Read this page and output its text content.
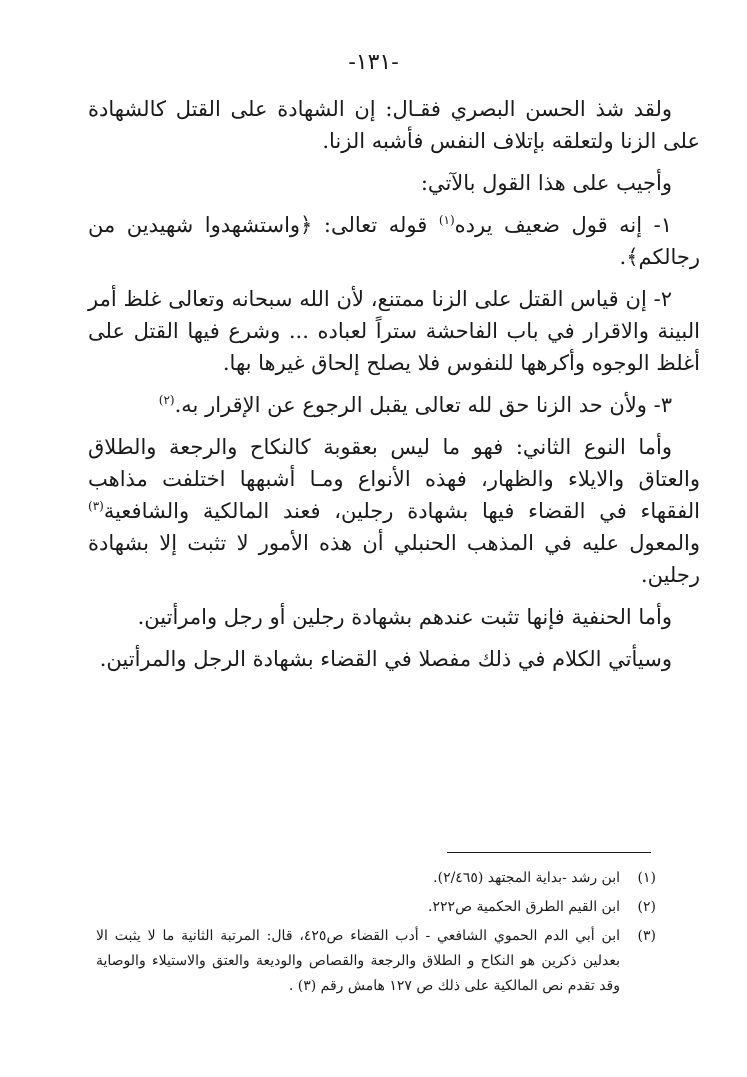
-١٣١-

ولقد شذ الحسن البصري فقـال: إن الشهادة على القتل كالشهادة على الزنا ولتعلقه بإتلاف النفس فأشبه الزنا.

وأجيب على هذا القول بالآتي:

١- إنه قول ضعيف يرده$^{(١)}$ قوله تعالى: ﴿واستشهدوا شهيدين من رجالكم﴾.

٢- إن قياس القتل على الزنا ممتنع، لأن الله سبحانه وتعالى غلظ أمر البينة والاقرار في باب الفاحشة ستراً لعباده ... وشرع فيها القتل على أغلظ الوجوه وأكرهها للنفوس فلا يصلح إلحاق غيرها بها.

٣- ولأن حد الزنا حق لله تعالى يقبل الرجوع عن الإقرار به.$^{(٢)}$

وأما النوع الثاني: فهو ما ليس بعقوبة كالنكاح والرجعة والطلاق والعتاق والايلاء والظهار، فهذه الأنواع ومـا أشبهها اختلفت مذاهب الفقهاء في القضاء فيها بشهادة رجلين، فعند المالكية والشافعية$^{(٣)}$ والمعول عليه في المذهب الحنبلي أن هذه الأمور لا تثبت إلا بشهادة رجلين.

وأما الحنفية فإنها تثبت عندهم بشهادة رجلين أو رجل وامرأتين.

وسيأتي الكلام في ذلك مفصلا في القضاء بشهادة الرجل والمرأتين.

(١)
ابن رشد -بداية المجتهد (٢/٤٦٥).
(٢)
ابن القيم الطرق الحكمية ص٢٢٢.
(٣)
ابن أبي الدم الحموي الشافعي - أدب القضاء ص٤٢٥، قال: المرتبة الثانية ما لا يثبت الا بعدلين ذكرين هو النكاح و الطلاق والرجعة والقصاص والوديعة والعتق والاستيلاء والوصاية وقد تقدم نص المالكية على ذلك ص ١٢٧ هامش رقم (٣) .
